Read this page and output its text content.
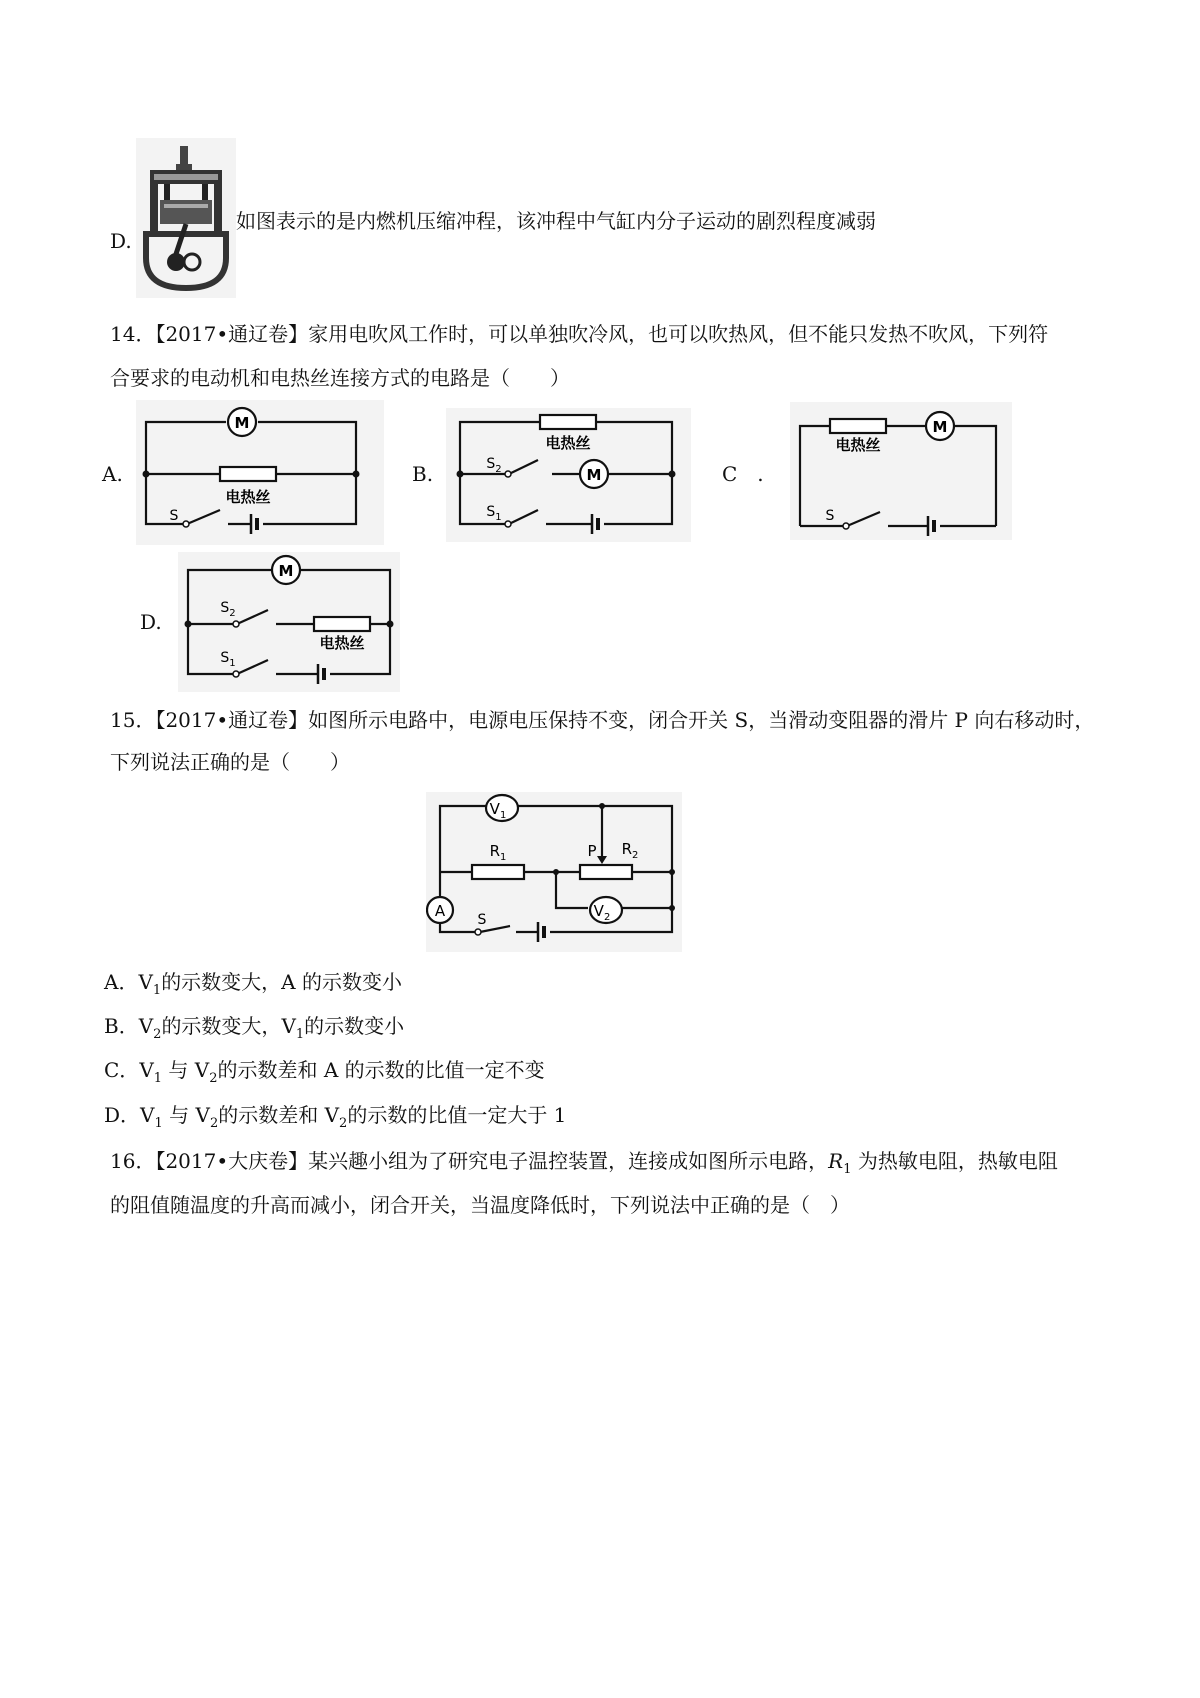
D.
如图表示的是内燃机压缩冲程，该冲程中气缸内分子运动的剧烈程度减弱
14．【2017•通辽卷】家用电吹风工作时，可以单独吹冷风，也可以吹热风，但不能只发热不吹风，下列符
合要求的电动机和电热丝连接方式的电路是（　　）
A.
M
电热丝
S
B.
电热丝
M
$S_2$
$S_1$
C　.
电热丝
M
S
D.
M
电热丝
$S_2$
$S_1$
15．【2017•通辽卷】如图所示电路中，电源电压保持不变，闭合开关 S，当滑动变阻器的滑片 P 向右移动时，
下列说法正确的是（　　）
$V_1$
$V_2$
$R_1$	$R_2$
P
A S
A．$V_1$的示数变大，A 的示数变小
B．$V_2$的示数变大，$V_1$的示数变小
C．$V_1$ 与 $V_2$的示数差和 A 的示数的比值一定不变
D．$V_1$ 与 $V_2$的示数差和 $V_2$的示数的比值一定大于 1
16．【2017•大庆卷】某兴趣小组为了研究电子温控装置，连接成如图所示电路，$R_1$ 为热敏电阻，热敏电阻
的阻值随温度的升高而减小，闭合开关，当温度降低时，下列说法中正确的是（　）
